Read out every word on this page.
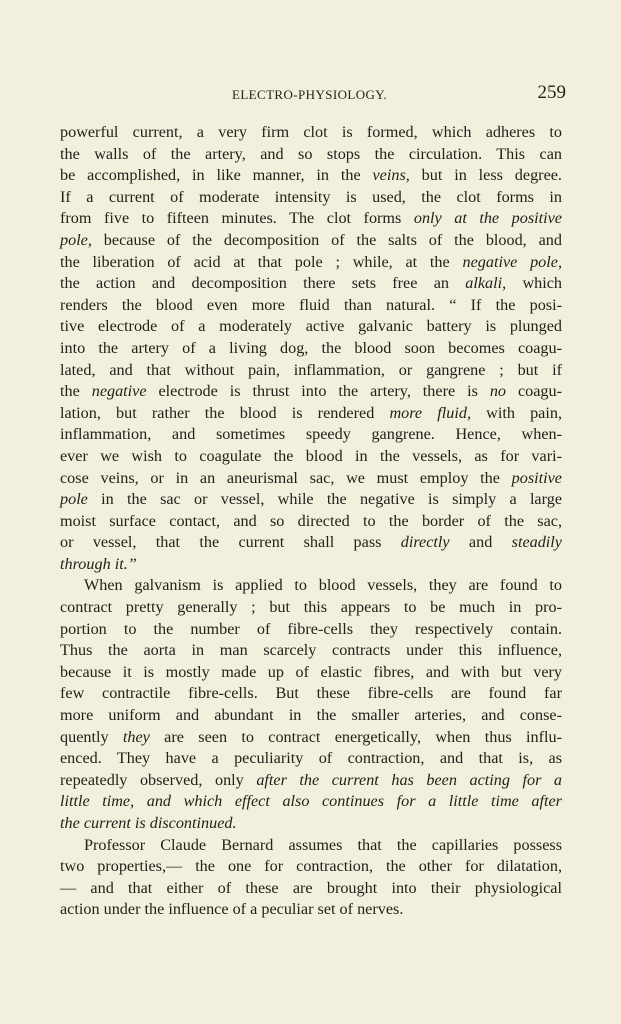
ELECTRO-PHYSIOLOGY.	259
powerful current, a very firm clot is formed, which adheres to
the walls of the artery, and so stops the circulation. This can
be accomplished, in like manner, in the veins, but in less degree.
If a current of moderate intensity is used, the clot forms in
from five to fifteen minutes. The clot forms only at the positive
pole, because of the decomposition of the salts of the blood, and
the liberation of acid at that pole ; while, at the negative pole,
the action and decomposition there sets free an alkali, which
renders the blood even more fluid than natural. “ If the posi-
tive electrode of a moderately active galvanic battery is plunged
into the artery of a living dog, the blood soon becomes coagu-
lated, and that without pain, inflammation, or gangrene ; but if
the negative electrode is thrust into the artery, there is no coagu-
lation, but rather the blood is rendered more fluid, with pain,
inflammation, and sometimes speedy gangrene. Hence, when-
ever we wish to coagulate the blood in the vessels, as for vari-
cose veins, or in an aneurismal sac, we must employ the positive
pole in the sac or vessel, while the negative is simply a large
moist surface contact, and so directed to the border of the sac,
or vessel, that the current shall pass directly and steadily
through it.”
When galvanism is applied to blood vessels, they are found to
contract pretty generally ; but this appears to be much in pro-
portion to the number of fibre-cells they respectively contain.
Thus the aorta in man scarcely contracts under this influence,
because it is mostly made up of elastic fibres, and with but very
few contractile fibre-cells. But these fibre-cells are found far
more uniform and abundant in the smaller arteries, and conse-
quently they are seen to contract energetically, when thus influ-
enced. They have a peculiarity of contraction, and that is, as
repeatedly observed, only after the current has been acting for a
little time, and which effect also continues for a little time after
the current is discontinued.
Professor Claude Bernard assumes that the capillaries possess
two properties,— the one for contraction, the other for dilatation,
— and that either of these are brought into their physiological
action under the influence of a peculiar set of nerves.
